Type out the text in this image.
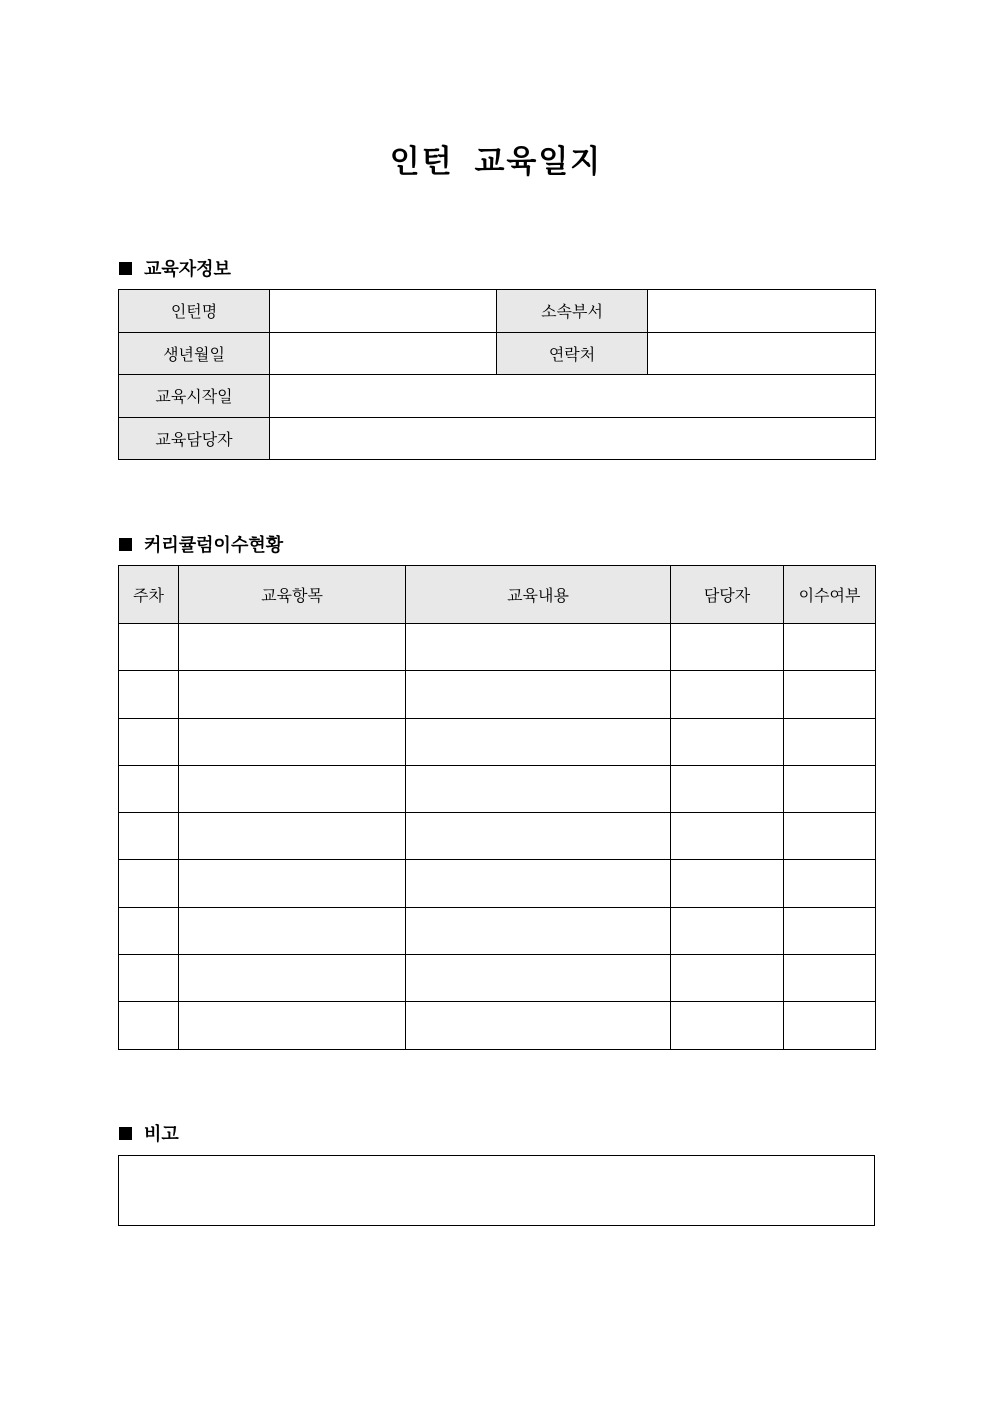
인턴 교육일지
교육자정보
인턴명		소속부서	
생년월일		연락처	
교육시작일			
교육담당자			
커리큘럼이수현황
주차	교육항목	교육내용	담당자	이수여부

비고
